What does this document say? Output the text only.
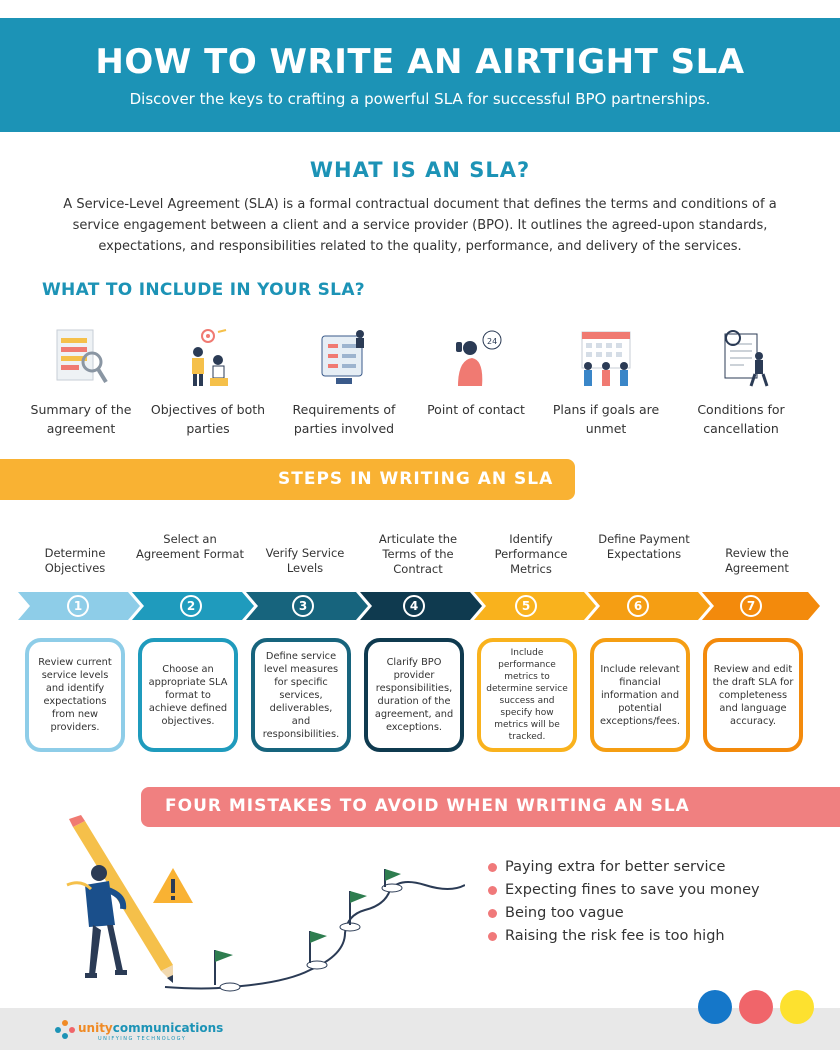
HOW TO WRITE AN AIRTIGHT SLA

Discover the keys to crafting a powerful SLA for successful BPO partnerships.

WHAT IS AN SLA?
A Service-Level Agreement (SLA) is a formal contractual document that defines the terms and conditions of a service engagement between a client and a service provider (BPO). It outlines the agreed-upon standards, expectations, and responsibilities related to the quality, performance, and delivery of the services.
WHAT TO INCLUDE IN YOUR SLA?
Summary of the agreement
Objectives of both parties
Requirements of parties involved
24
Point of contact	Plans if goals are unmet
Conditions for cancellation
STEPS IN WRITING AN SLA
Determine Objectives
Select an Agreement Format	Verify Service Levels
Articulate the Terms of the Contract
Identify Performance Metrics
Define Payment Expectations	Review the Agreement
1	2	3	4	5	6	7
Review current service levels and identify expectations from new providers.
Choose an appropriate SLA format to achieve defined objectives.
Define service level measures for specific services, deliverables, and responsibilities.
Clarify BPO provider responsibilities, duration of the agreement, and exceptions.
Include performance metrics to determine service success and specify how metrics will be tracked.
Include relevant financial information and potential exceptions/fees.
Review and edit the draft SLA for completeness and language accuracy.
FOUR MISTAKES TO AVOID WHEN WRITING AN SLA
Paying extra for better service
Expecting fines to save you money
Being too vague
Raising the risk fee is too high
unitycommunications
UNIFYING TECHNOLOGY
